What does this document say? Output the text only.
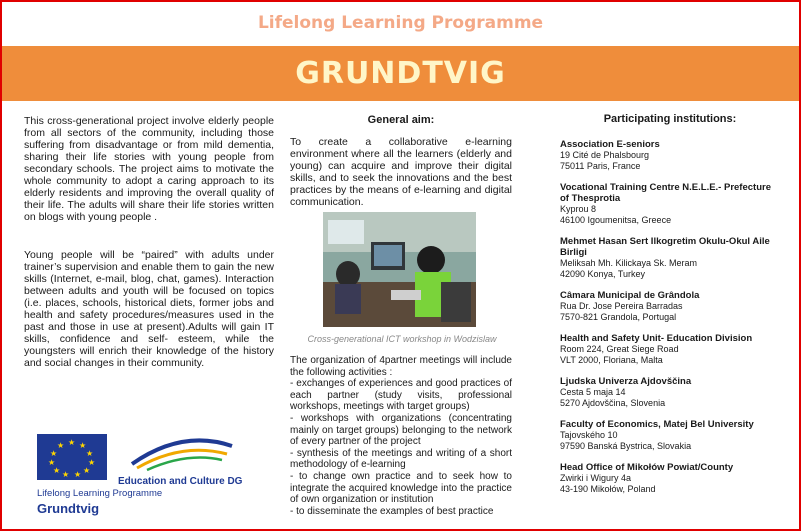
Lifelong Learning Programme
GRUNDTVIG

This cross-generational project involve elderly people from all sectors of the community, including those suffering from disadvantage or from mild dementia, sharing their life stories with young people from secondary schools. The project aims to motivate the whole community to adopt a caring approach to its elderly residents and improving the overall quality of their life. The adults will share their life stories written on blogs with young people .

Young people will be “paired” with adults under trainer’s supervision and enable them to gain the new skills (Internet, e-mail, blog, chat, games). Interaction between adults and youth will be focused on topics (i.e. places, schools, historical diets, former jobs and health and safety procedures/measures used in the past and those in use at present).Adults will gain IT skills, confidence and self- esteem, while the youngsters will enrich their knowledge of the history and social changes in their community.

General aim:

To create a collaborative e-learning environment where all the learners (elderly and young) can acquire and improve their digital skills, and to seek the innovations and the best practices by the means of e-learning and digital communication.

Cross-generational ICT workshop in Wodzislaw

The organization of 4partner meetings will include the following activities :

- exchanges of experiences and good practices of each partner (study visits, professional workshops, meetings with target groups)
- workshops with organizations (concentrating mainly on target groups) belonging to the network of every partner of the project
- synthesis of the meetings and writing of a short methodology of e-learning
- to change own practice and to seek how to integrate the acquired knowledge into the practice of own organization or institution
- to disseminate the examples of best practice
Participating institutions:
Association E-seniors
19 Cité de Phalsbourg
75011 Paris, France
Vocational Training Centre N.E.L.E.- Prefecture of Thesprotia
Kyprou 8
46100 Igoumenitsa, Greece
Mehmet Hasan Sert Ilkogretim Okulu-Okul Aile Birligi
Meliksah Mh. Kilickaya Sk. Meram
42090 Konya, Turkey
Câmara Municipal de Grândola
Rua Dr. Jose Pereira Barradas
7570-821 Grandola, Portugal
Health and Safety Unit- Education Division
Room 224, Great Siege Road
VLT 2000, Floriana, Malta
Ljudska Univerza Ajdovščina
Cesta 5 maja 14
5270 Ajdovščina, Slovenia
Faculty of Economics, Matej Bel University
Tajovského 10
97590 Banská Bystrica, Slovakia
Head Office of Mikołów Powiat/County
Zwirki i Wigury 4a
43-190 Mikołów, Poland
★ ★
★
★
★
★
★
★
★
★
★
Education and Culture DG
Lifelong Learning Programme
Grundtvig
